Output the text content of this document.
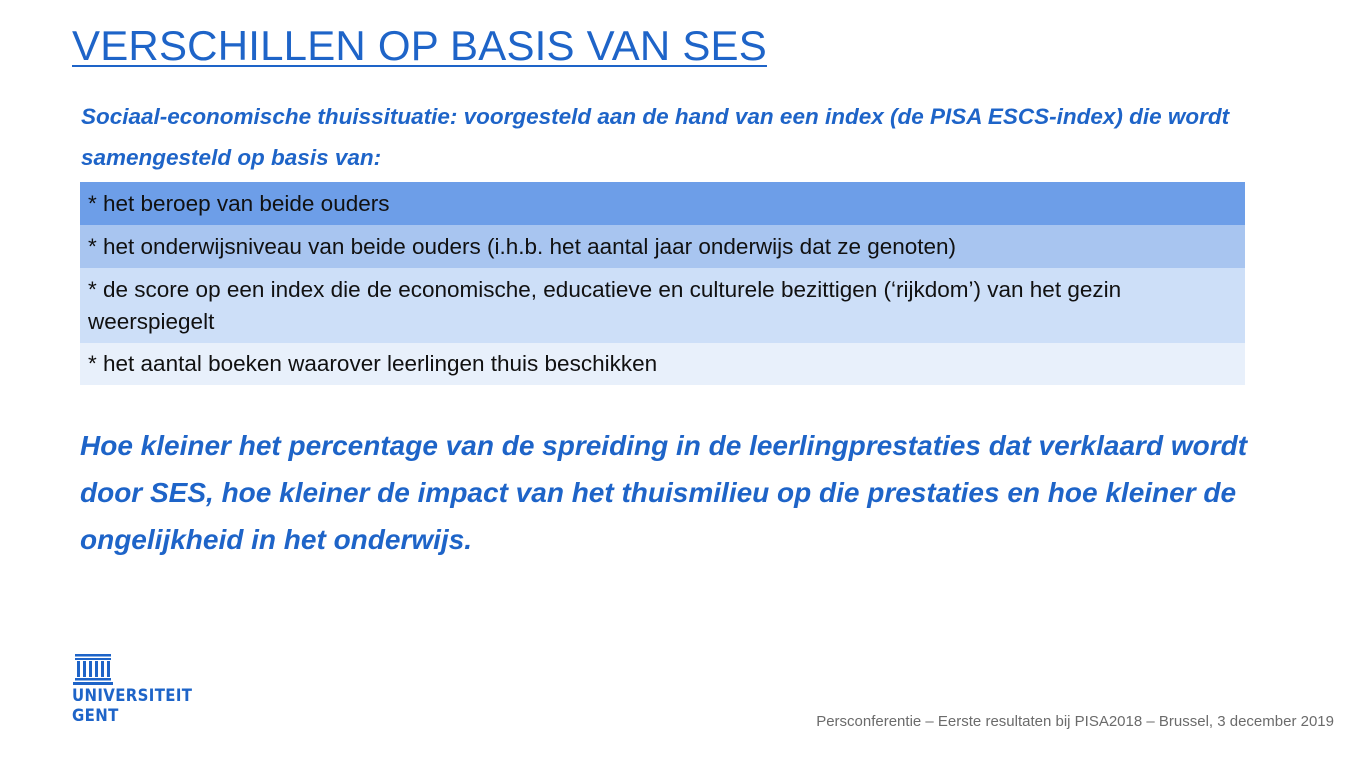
VERSCHILLEN OP BASIS VAN SES

Sociaal-economische thuissituatie: voorgesteld aan de hand van een index (de PISA ESCS-index) die wordt samengesteld op basis van:

* het beroep van beide ouders
* het onderwijsniveau van beide ouders (i.h.b. het aantal jaar onderwijs dat ze genoten)
* de score op een index die de economische, educatieve en culturele bezittigen (‘rijkdom’) van het gezin weerspiegelt
* het aantal boeken waarover leerlingen thuis beschikken

Hoe kleiner het percentage van de spreiding in de leerlingprestaties dat verklaard wordt door SES, hoe kleiner de impact van het thuismilieu op die prestaties en hoe kleiner de ongelijkheid in het onderwijs.

UNIVERSITEIT
GENT	Persconferentie – Eerste resultaten bij PISA2018 – Brussel, 3 december 2019
